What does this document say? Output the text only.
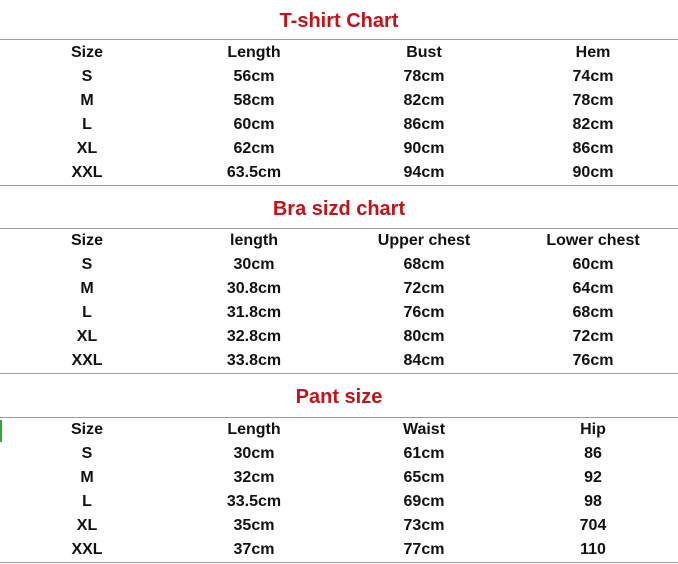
T-shirt Chart
Size	Length	Bust	Hem
S	56cm	78cm	74cm
M	58cm	82cm	78cm
L	60cm	86cm	82cm
XL	62cm	90cm	86cm
XXL	63.5cm	94cm	90cm
Bra sizd chart
Size	length	Upper chest	Lower chest
S	30cm	68cm	60cm
M	30.8cm	72cm	64cm
L	31.8cm	76cm	68cm
XL	32.8cm	80cm	72cm
XXL	33.8cm	84cm	76cm
Pant size
Size	Length	Waist	Hip
S	30cm	61cm	86
M	32cm	65cm	92
L	33.5cm	69cm	98
XL	35cm	73cm	704
XXL	37cm	77cm	110
